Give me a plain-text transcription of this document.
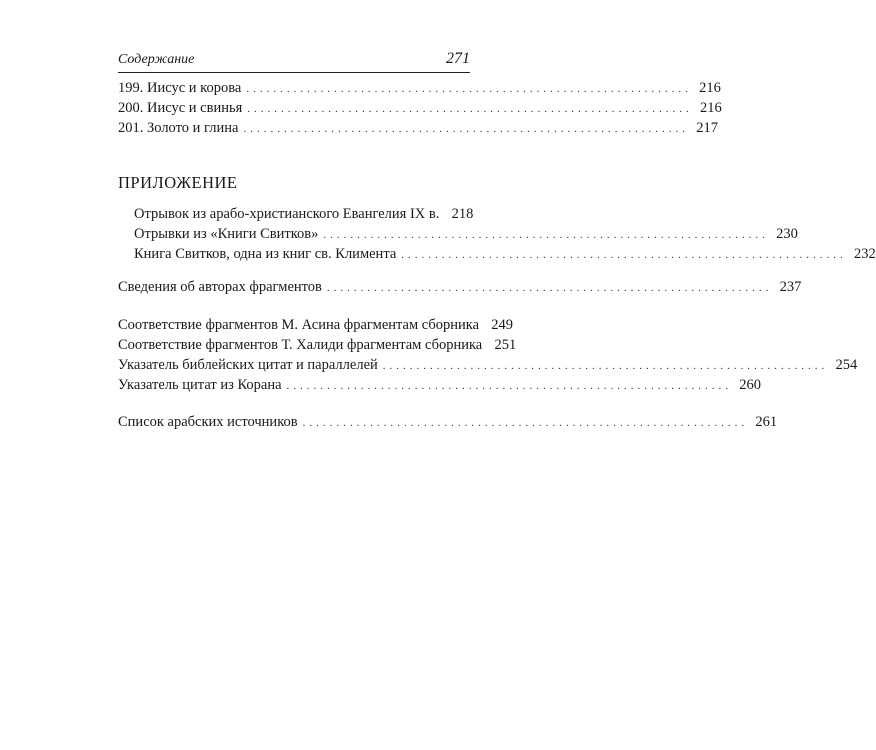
Содержание	271
199. Иисус и корова .................................................................. 216
200. Иисус и свинья .................................................................. 216
201. Золото и глина .................................................................. 217
ПРИЛОЖЕНИЕ
Отрывок из арабо-христианского Евангелия IX в. 218
Отрывки из «Книги Свитков» .................................................................. 230
Книга Свитков, одна из книг св. Климента .................................................................. 232
Сведения об авторах фрагментов .................................................................. 237
Соответствие фрагментов М. Асина фрагментам сборника 249
Соответствие фрагментов Т. Халиди фрагментам сборника 251
Указатель библейских цитат и параллелей .................................................................. 254
Указатель цитат из Корана .................................................................. 260
Список арабских источников .................................................................. 261
